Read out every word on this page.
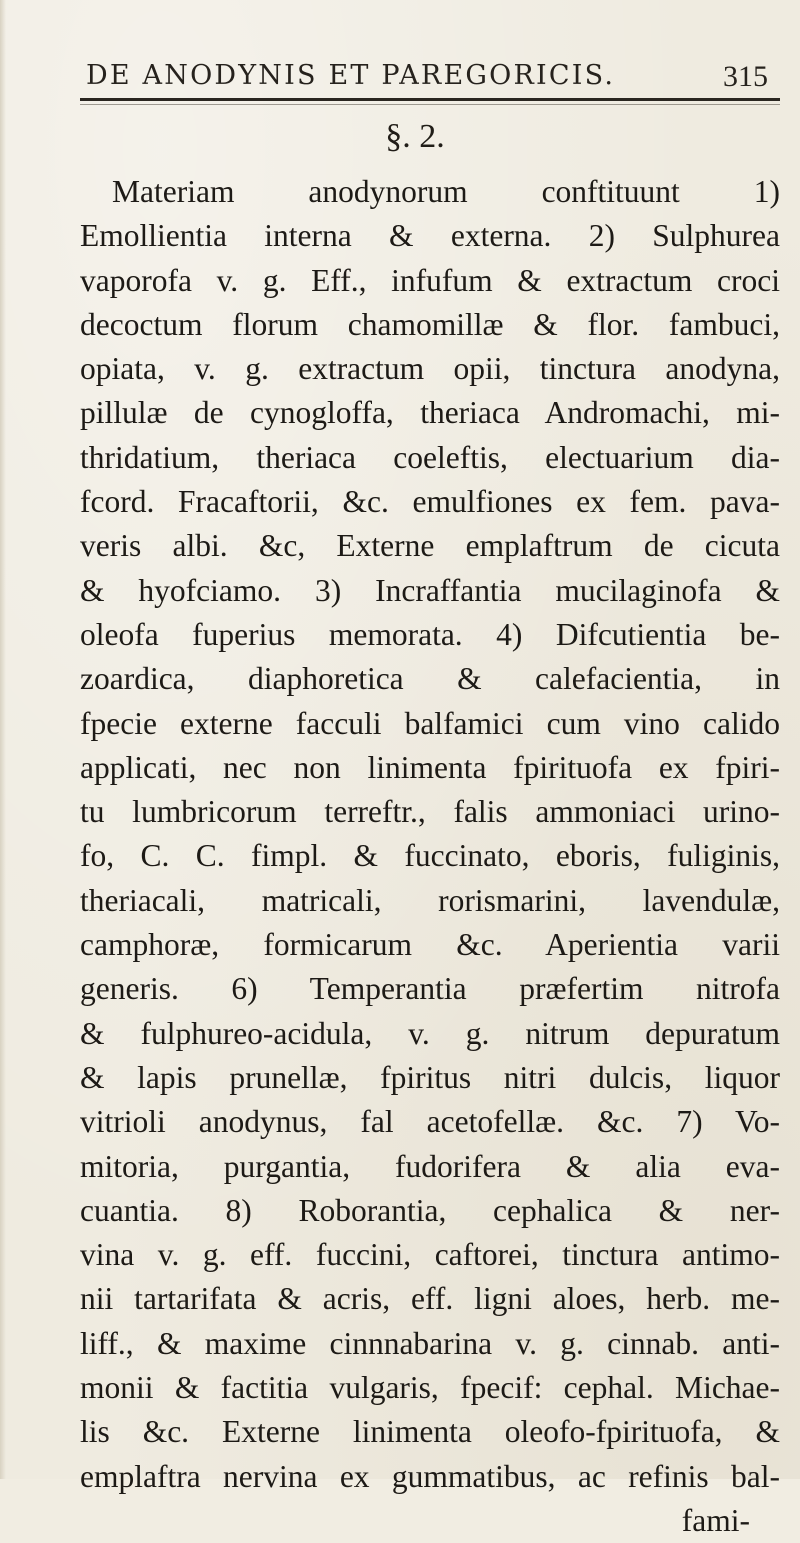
DE ANODYNIS ET PAREGORICIS.	315
§. 2.
Materiam anodynorum conftituunt 1)
Emollientia interna & externa. 2) Sulphurea
vaporofa v. g. Eff., infufum & extractum croci
decoctum florum chamomillæ & flor. fambuci,
opiata, v. g. extractum opii, tinctura anodyna,
pillulæ de cynogloffa, theriaca Andromachi, mi-
thridatium, theriaca coeleftis, electuarium dia-
fcord. Fracaftorii, &c. emulfiones ex fem. pava-
veris albi. &c, Externe emplaftrum de cicuta
& hyofciamo. 3) Incraffantia mucilaginofa &
oleofa fuperius memorata. 4) Difcutientia be-
zoardica, diaphoretica & calefacientia, in
fpecie externe facculi balfamici cum vino calido
applicati, nec non linimenta fpirituofa ex fpiri-
tu lumbricorum terreftr., falis ammoniaci urino-
fo, C. C. fimpl. & fuccinato, eboris, fuliginis,
theriacali, matricali, rorismarini, lavendulæ,
camphoræ, formicarum &c. Aperientia varii
generis. 6) Temperantia præfertim nitrofa
& fulphureo-acidula, v. g. nitrum depuratum
& lapis prunellæ, fpiritus nitri dulcis, liquor
vitrioli anodynus, fal acetofellæ. &c. 7) Vo-
mitoria, purgantia, fudorifera & alia eva-
cuantia. 8) Roborantia, cephalica & ner-
vina v. g. eff. fuccini, caftorei, tinctura antimo-
nii tartarifata & acris, eff. ligni aloes, herb. me-
liff., & maxime cinnnabarina v. g. cinnab. anti-
monii & factitia vulgaris, fpecif: cephal. Michae-
lis &c. Externe linimenta oleofo-fpirituofa, &
emplaftra nervina ex gummatibus, ac refinis bal-
fami-
